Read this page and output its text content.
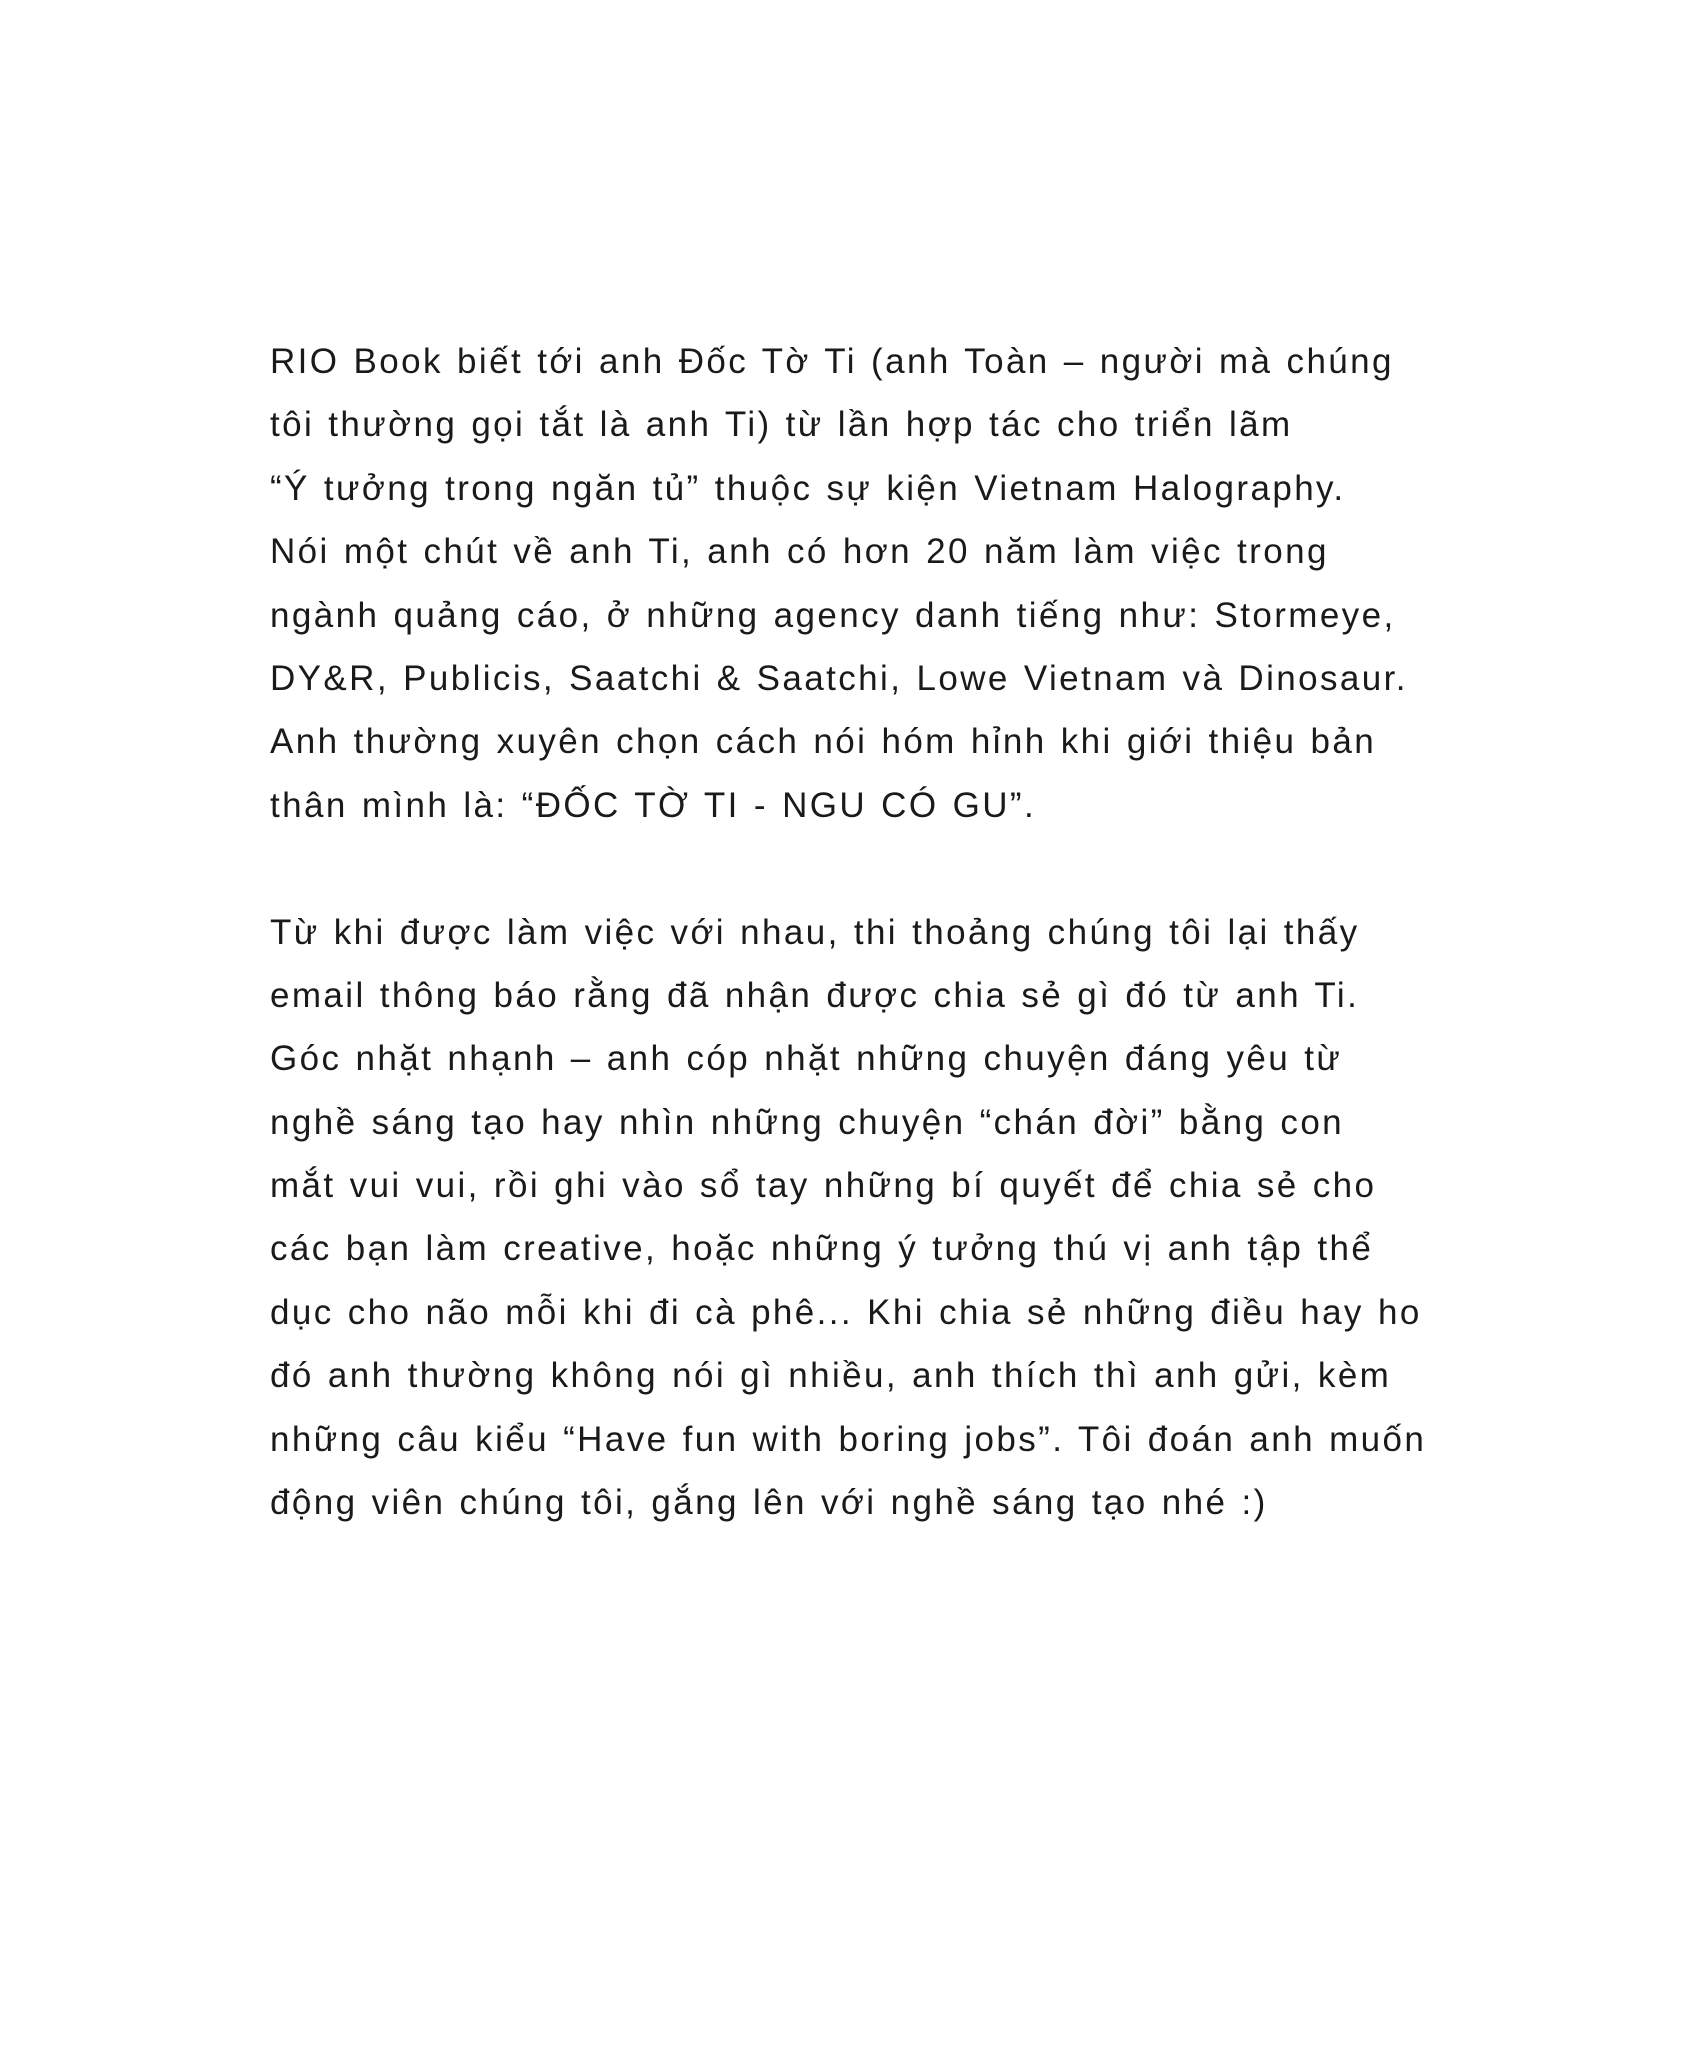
RIO Book biết tới anh Đốc Tờ Ti (anh Toàn – người mà chúng
tôi thường gọi tắt là anh Ti) từ lần hợp tác cho triển lãm
“Ý tưởng trong ngăn tủ” thuộc sự kiện Vietnam Halography.
Nói một chút về anh Ti, anh có hơn 20 năm làm việc trong
ngành quảng cáo, ở những agency danh tiếng như: Stormeye,
DY&R, Publicis, Saatchi & Saatchi, Lowe Vietnam và Dinosaur.
Anh thường xuyên chọn cách nói hóm hỉnh khi giới thiệu bản
thân mình là: “ĐỐC TỜ TI - NGU CÓ GU”.

Từ khi được làm việc với nhau, thi thoảng chúng tôi lại thấy
email thông báo rằng đã nhận được chia sẻ gì đó từ anh Ti.
Góc nhặt nhạnh – anh cóp nhặt những chuyện đáng yêu từ
nghề sáng tạo hay nhìn những chuyện “chán đời” bằng con
mắt vui vui, rồi ghi vào sổ tay những bí quyết để chia sẻ cho
các bạn làm creative, hoặc những ý tưởng thú vị anh tập thể
dục cho não mỗi khi đi cà phê... Khi chia sẻ những điều hay ho
đó anh thường không nói gì nhiều, anh thích thì anh gửi, kèm
những câu kiểu “Have fun with boring jobs”. Tôi đoán anh muốn
động viên chúng tôi, gắng lên với nghề sáng tạo nhé :)
